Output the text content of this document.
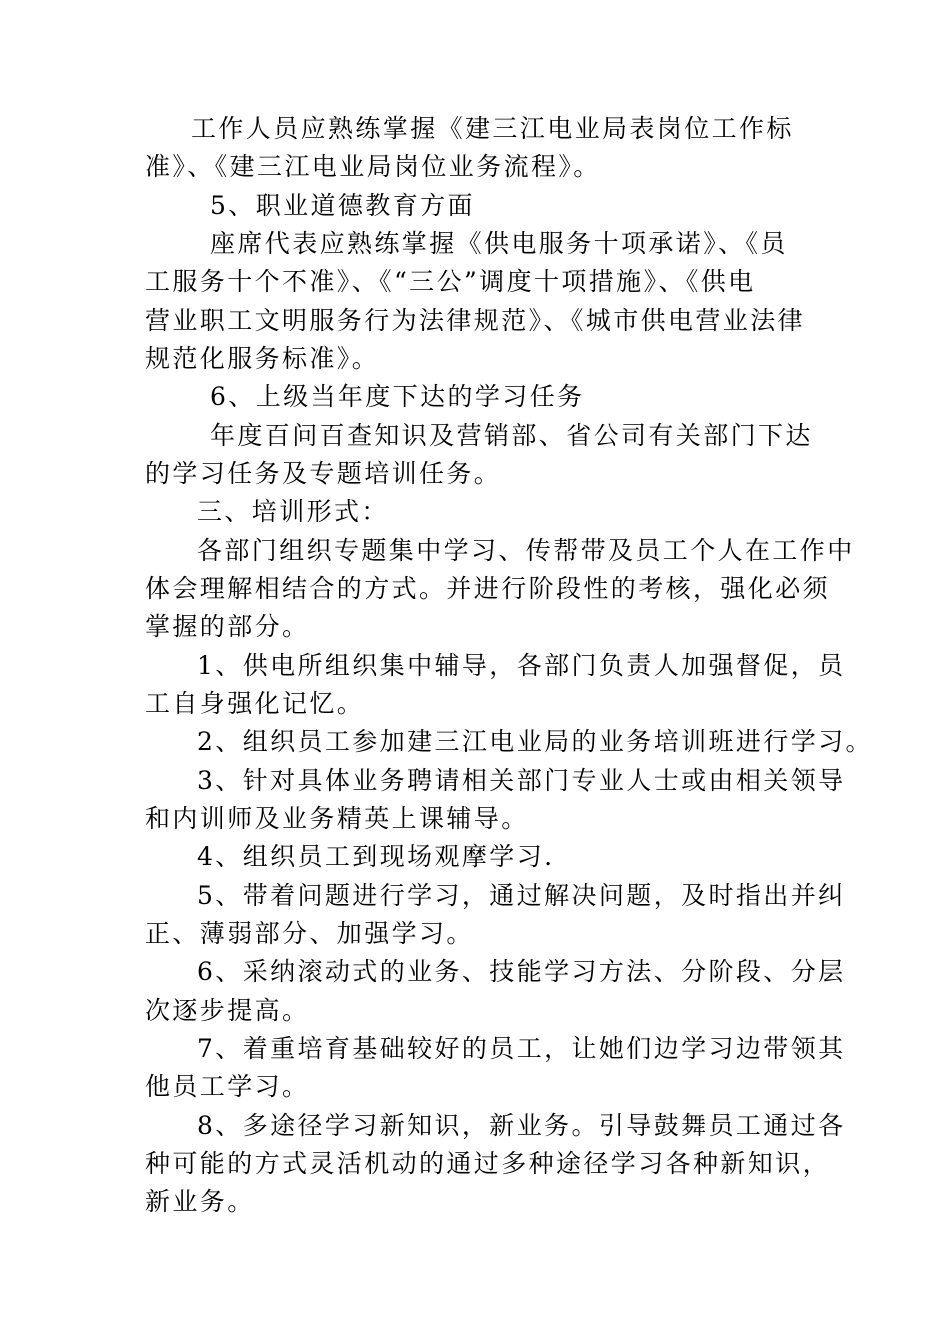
工作人员应熟练掌握《建三江电业局表岗位工作标
准》、《建三江电业局岗位业务流程》。
5、职业道德教育方面
座席代表应熟练掌握《供电服务十项承诺》、《员
工服务十个不准》、《“三公”调度十项措施》、《供电
营业职工文明服务行为法律规范》、《城市供电营业法律
规范化服务标准》。
6、上级当年度下达的学习任务
年度百问百查知识及营销部、省公司有关部门下达
的学习任务及专题培训任务。
三、培训形式：
各部门组织专题集中学习、传帮带及员工个人在工作中
体会理解相结合的方式。并进行阶段性的考核，强化必须
掌握的部分。
1、供电所组织集中辅导，各部门负责人加强督促，员
工自身强化记忆。
2、组织员工参加建三江电业局的业务培训班进行学习。
3、针对具体业务聘请相关部门专业人士或由相关领导
和内训师及业务精英上课辅导。
4、组织员工到现场观摩学习.
5、带着问题进行学习，通过解决问题，及时指出并纠
正、薄弱部分、加强学习。
6、采纳滚动式的业务、技能学习方法、分阶段、分层
次逐步提高。
7、着重培育基础较好的员工，让她们边学习边带领其
他员工学习。
8、多途径学习新知识，新业务。引导鼓舞员工通过各
种可能的方式灵活机动的通过多种途径学习各种新知识，
新业务。
